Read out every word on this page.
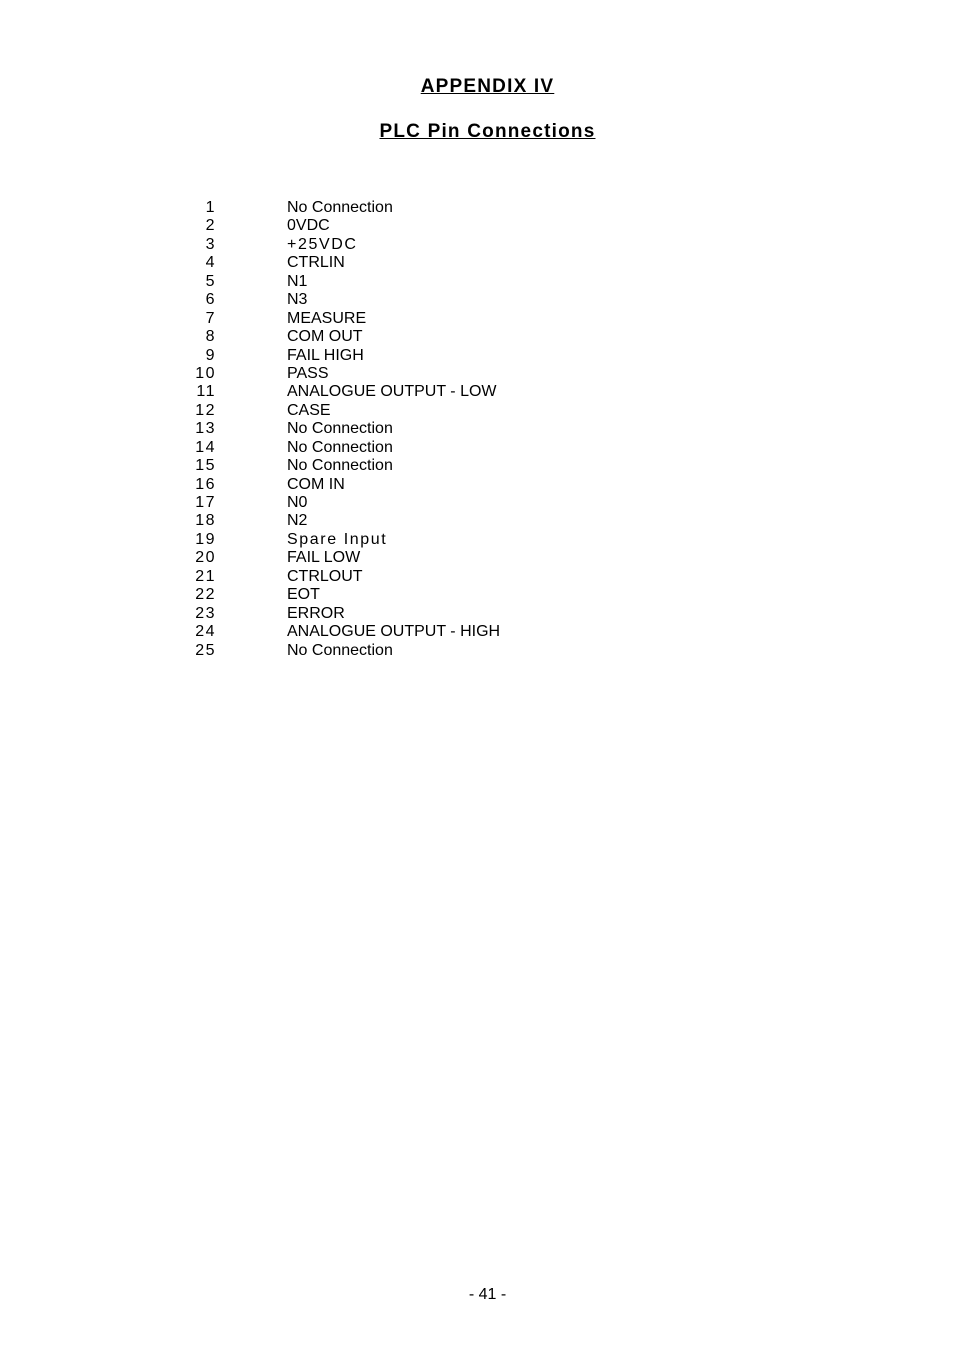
APPENDIX IV
PLC Pin Connections
1	No Connection
2	0VDC
3	+25VDC
4	CTRLIN
5	N1
6	N3
7	MEASURE
8	COM OUT
9	FAIL HIGH
10	PASS
11	ANALOGUE OUTPUT - LOW
12	CASE
13	No Connection
14	No Connection
15	No Connection
16	COM IN
17	N0
18	N2
19	Spare Input
20	FAIL LOW
21	CTRLOUT
22	EOT
23	ERROR
24	ANALOGUE OUTPUT - HIGH
25	No Connection
- 41 -
